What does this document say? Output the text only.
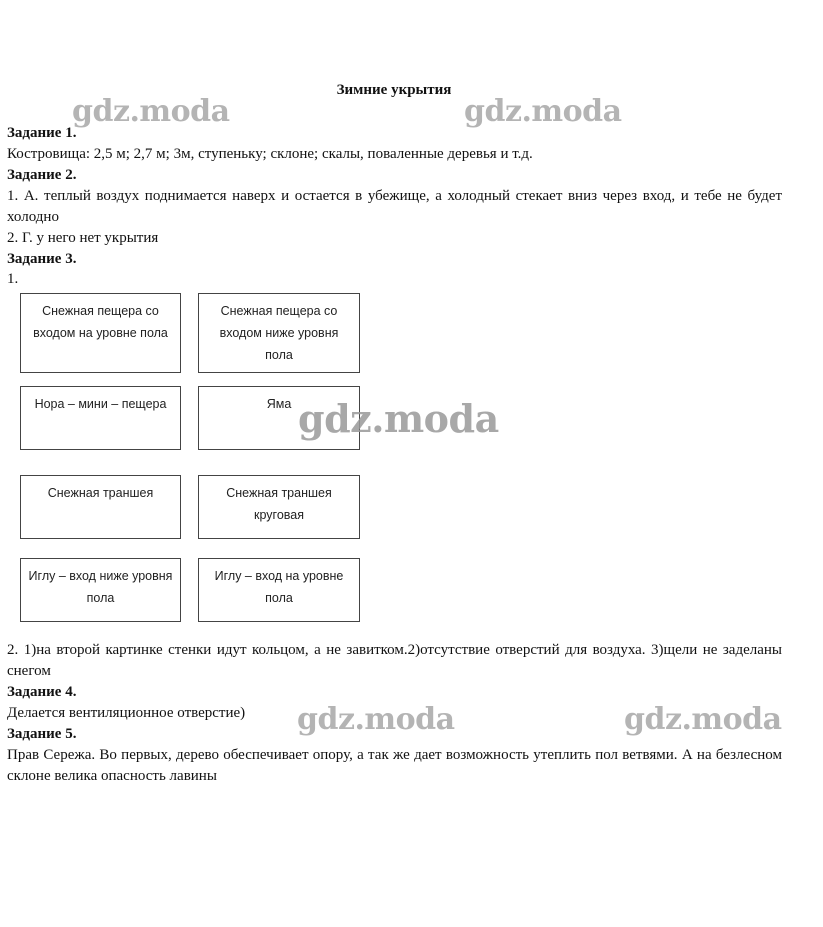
Зимние укрытия
Задание 1.
Костровища: 2,5 м; 2,7 м; 3м, ступеньку; склоне; скалы, поваленные деревья и т.д.
Задание 2.
1. А. теплый воздух поднимается наверх и остается в убежище, а холодный стекает вниз через вход, и тебе не будет холодно
2. Г. у него нет укрытия
Задание 3.
1.
Снежная пещера со входом на уровне пола
Снежная пещера со входом ниже уровня пола
Нора – мини – пещера	Яма
Снежная траншея	Снежная траншея круговая
Иглу – вход ниже уровня пола
Иглу – вход на уровне пола
2. 1)на второй картинке стенки идут кольцом, а не завитком.2)отсутствие отверстий для воздуха. 3)щели не заделаны снегом
Задание 4.
Делается вентиляционное отверстие)
Задание 5.
Прав Сережа. Во первых, дерево обеспечивает опору, а так же дает возможность утеплить пол ветвями. А на безлесном склоне велика опасность лавины
gdz.moda	gdz.moda
gdz.moda
gdz.moda	gdz.moda
